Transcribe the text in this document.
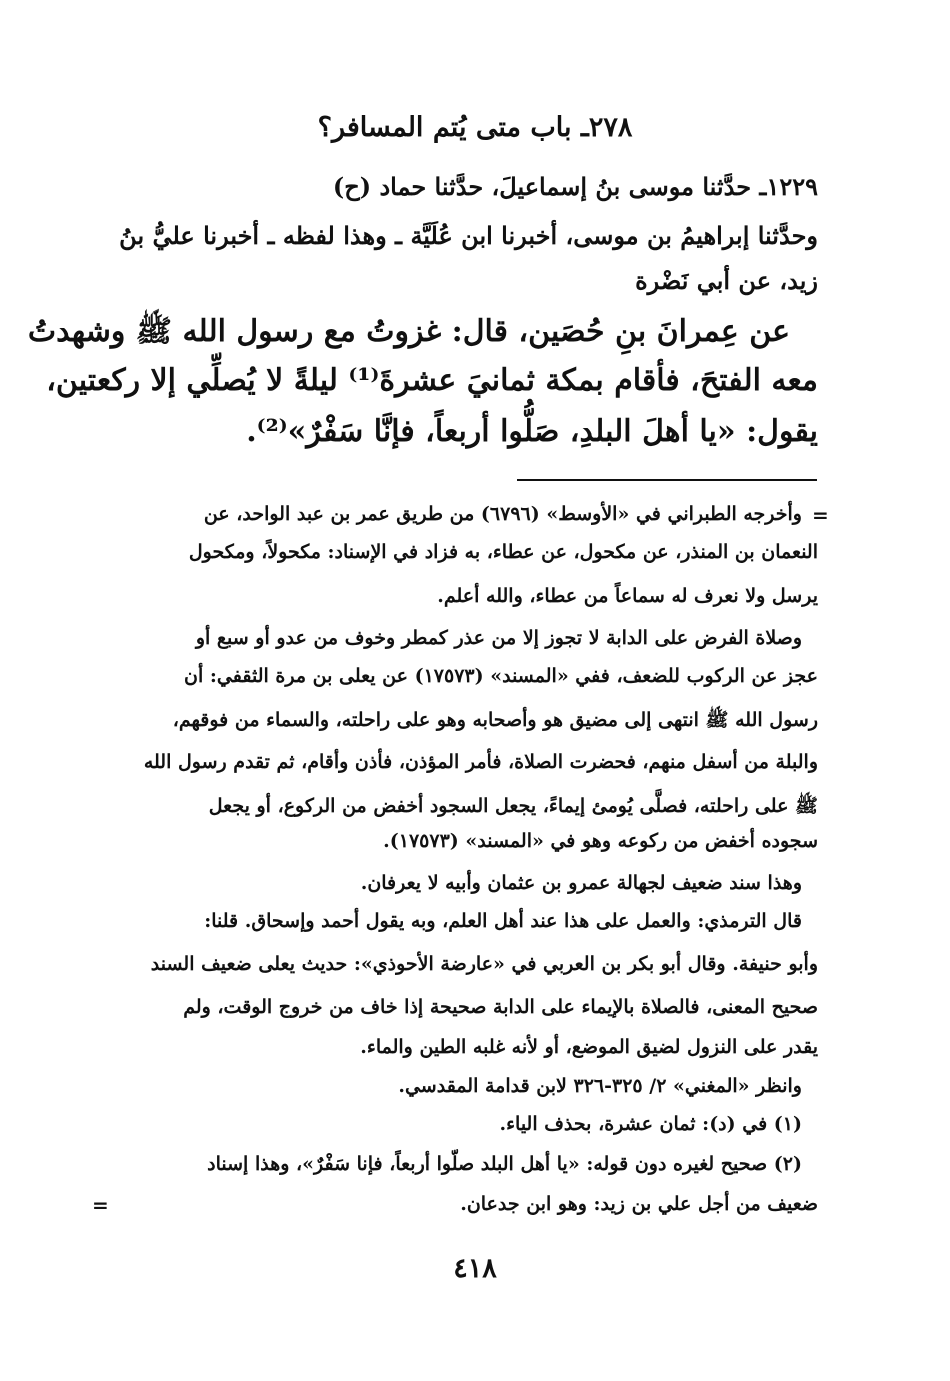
٢٧٨ـ باب متى يُتم المسافر؟
١٢٢٩ـ حدَّثنا موسى بنُ إسماعيلَ، حدَّثنا حماد (ح)
وحدَّثنا إبراهيمُ بن موسى، أخبرنا ابن عُلَيَّة ـ وهذا لفظه ـ أخبرنا عليُّ بنُ
زيد، عن أبي نَضْرة
عن عِمرانَ بنِ حُصَين، قال: غزوتُ مع رسول الله ﷺ وشهدتُ
معه الفتحَ، فأقام بمكة ثمانيَ عشرةَ⁽¹⁾ ليلةً لا يُصلِّي إلا ركعتين،
يقول: «يا أهلَ البلدِ، صَلُّوا أربعاً، فإنَّا سَفْرٌ»⁽²⁾.
=
وأخرجه الطبراني في «الأوسط» (٦٧٩٦) من طريق عمر بن عبد الواحد، عن
النعمان بن المنذر، عن مكحول، عن عطاء، به فزاد في الإسناد: مكحولاً، ومكحول
يرسل ولا نعرف له سماعاً من عطاء، والله أعلم.
وصلاة الفرض على الدابة لا تجوز إلا من عذر كمطر وخوف من عدو أو سبع أو
عجز عن الركوب للضعف، ففي «المسند» (١٧٥٧٣) عن يعلى بن مرة الثقفي: أن
رسول الله ﷺ انتهى إلى مضيق هو وأصحابه وهو على راحلته، والسماء من فوقهم،
والبلة من أسفل منهم، فحضرت الصلاة، فأمر المؤذن، فأذن وأقام، ثم تقدم رسول الله
ﷺ على راحلته، فصلَّى يُومئ إيماءً، يجعل السجود أخفض من الركوع، أو يجعل
سجوده أخفض من ركوعه وهو في «المسند» (١٧٥٧٣).
وهذا سند ضعيف لجهالة عمرو بن عثمان وأبيه لا يعرفان.
قال الترمذي: والعمل على هذا عند أهل العلم، وبه يقول أحمد وإسحاق. قلنا:
وأبو حنيفة. وقال أبو بكر بن العربي في «عارضة الأحوذي»: حديث يعلى ضعيف السند
صحيح المعنى، فالصلاة بالإيماء على الدابة صحيحة إذا خاف من خروج الوقت، ولم
يقدر على النزول لضيق الموضع، أو لأنه غلبه الطين والماء.
وانظر «المغني» ٢/ ٣٢٥-٣٢٦ لابن قدامة المقدسي.
(١) في (د): ثمان عشرة، بحذف الياء.
(٢) صحيح لغيره دون قوله: «يا أهل البلد صلّوا أربعاً، فإنا سَفْرٌ»، وهذا إسناد
ضعيف من أجل علي بن زيد: وهو ابن جدعان.
=
٤١٨
